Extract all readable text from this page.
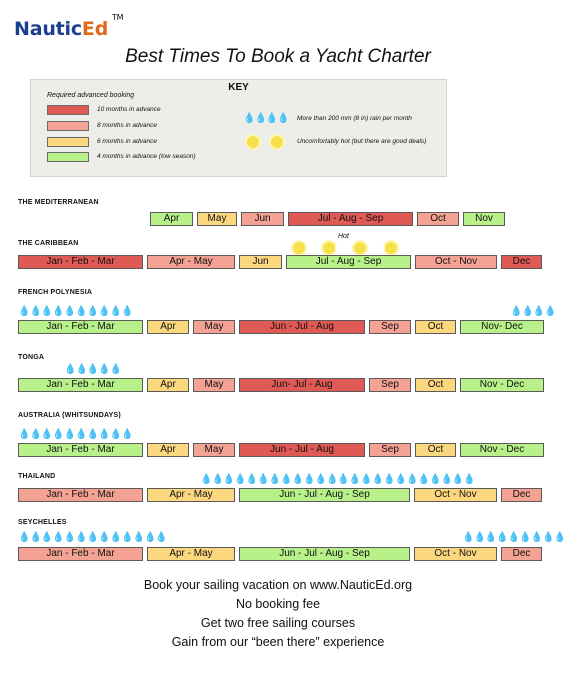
NauticEd
TM
Best Times To Book a Yacht Charter
KEY
Required advanced booking
10 months in advance
8 months in advance
6 months in advance
4 months in advance (low season)
💧💧💧💧 More than 200 mm (8 in) rain per month
Uncomfortably hot (but there are good deals)
THE MEDITERRANEAN
Apr	May	Jun	Jul - Aug - Sep	Oct	Nov
THE CARIBBEAN
Hot
Jan - Feb - Mar	Apr - May	Jun	Jul - Aug - Sep	Oct - Nov	Dec
FRENCH POLYNESIA
💧💧💧💧💧💧💧💧💧💧	💧💧💧💧
Jan - Feb - Mar	Apr	May	Jun - Jul - Aug	Sep	Oct	Nov- Dec
TONGA
💧💧💧💧💧
Jan - Feb - Mar	Apr	May	Jun- Jul - Aug	Sep	Oct	Nov - Dec
AUSTRALIA (WHITSUNDAYS)
💧💧💧💧💧💧💧💧💧💧
Jan - Feb - Mar	Apr	May	Jun - Jul - Aug	Sep	Oct	Nov - Dec
THAILAND	💧💧💧💧💧💧💧💧💧💧💧💧💧💧💧💧💧💧💧💧💧💧💧💧
Jan - Feb - Mar	Apr - May	Jun - Jul - Aug - Sep	Oct - Nov	Dec
SEYCHELLES
💧💧💧💧💧💧💧💧💧💧💧💧💧	💧💧💧💧💧💧💧💧💧
Jan - Feb - Mar	Apr - May	Jun - Jul - Aug - Sep	Oct - Nov	Dec
Book your sailing vacation on www.NauticEd.org
No booking fee
Get two free sailing courses
Gain from our “been there” experience
